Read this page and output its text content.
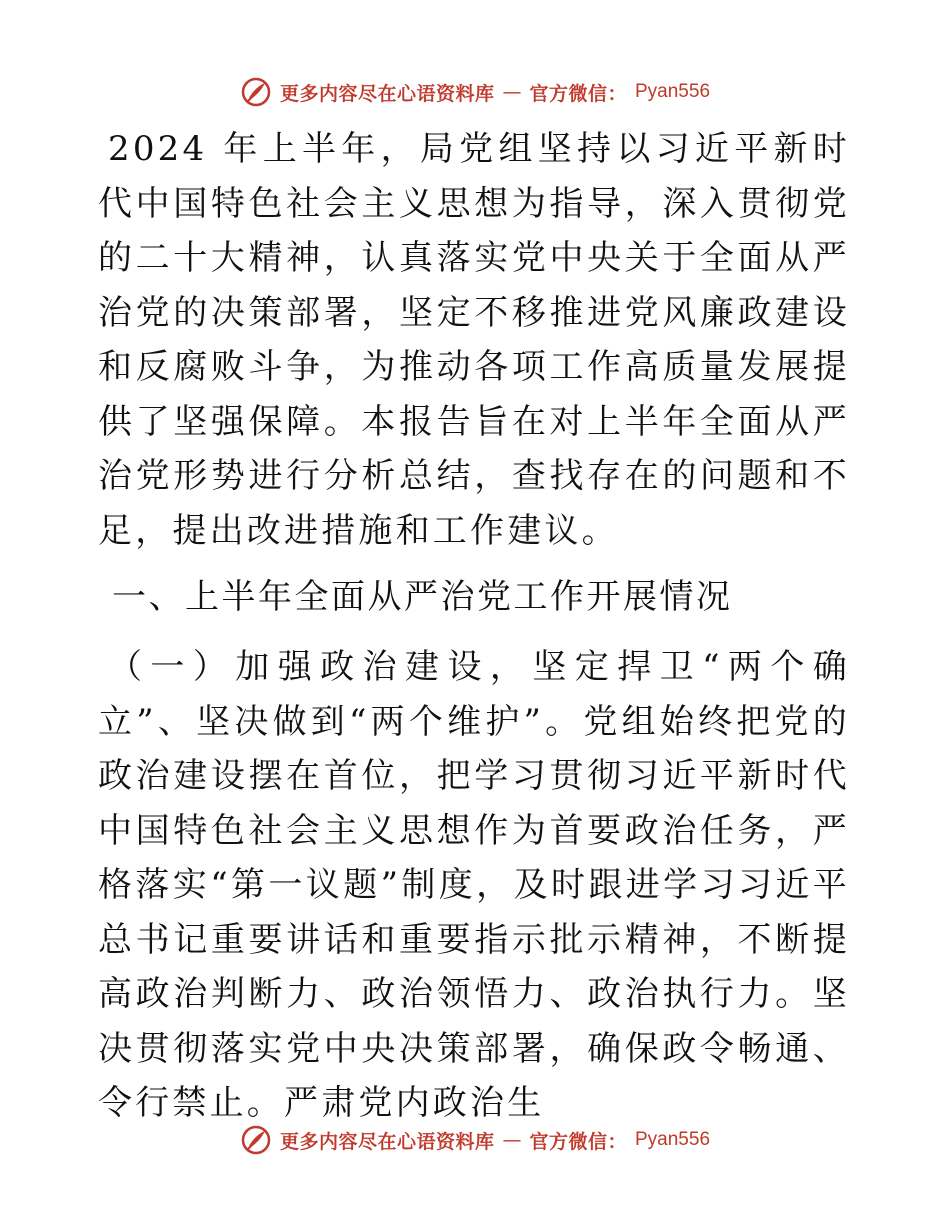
更多内容尽在心语资料库 — 官方微信： Pyan556

2024 年上半年，局党组坚持以习近平新时代中国特色社会主义思想为指导，深入贯彻党的二十大精神，认真落实党中央关于全面从严治党的决策部署，坚定不移推进党风廉政建设和反腐败斗争，为推动各项工作高质量发展提供了坚强保障。本报告旨在对上半年全面从严治党形势进行分析总结，查找存在的问题和不足，提出改进措施和工作建议。

一、上半年全面从严治党工作开展情况

（一）加强政治建设，坚定捍卫“两个确立”、坚决做到“两个维护”。党组始终把党的政治建设摆在首位，把学习贯彻习近平新时代中国特色社会主义思想作为首要政治任务，严格落实“第一议题”制度，及时跟进学习习近平总书记重要讲话和重要指示批示精神，不断提高政治判断力、政治领悟力、政治执行力。坚决贯彻落实党中央决策部署，确保政令畅通、令行禁止。严肃党内政治生

更多内容尽在心语资料库 — 官方微信： Pyan556
